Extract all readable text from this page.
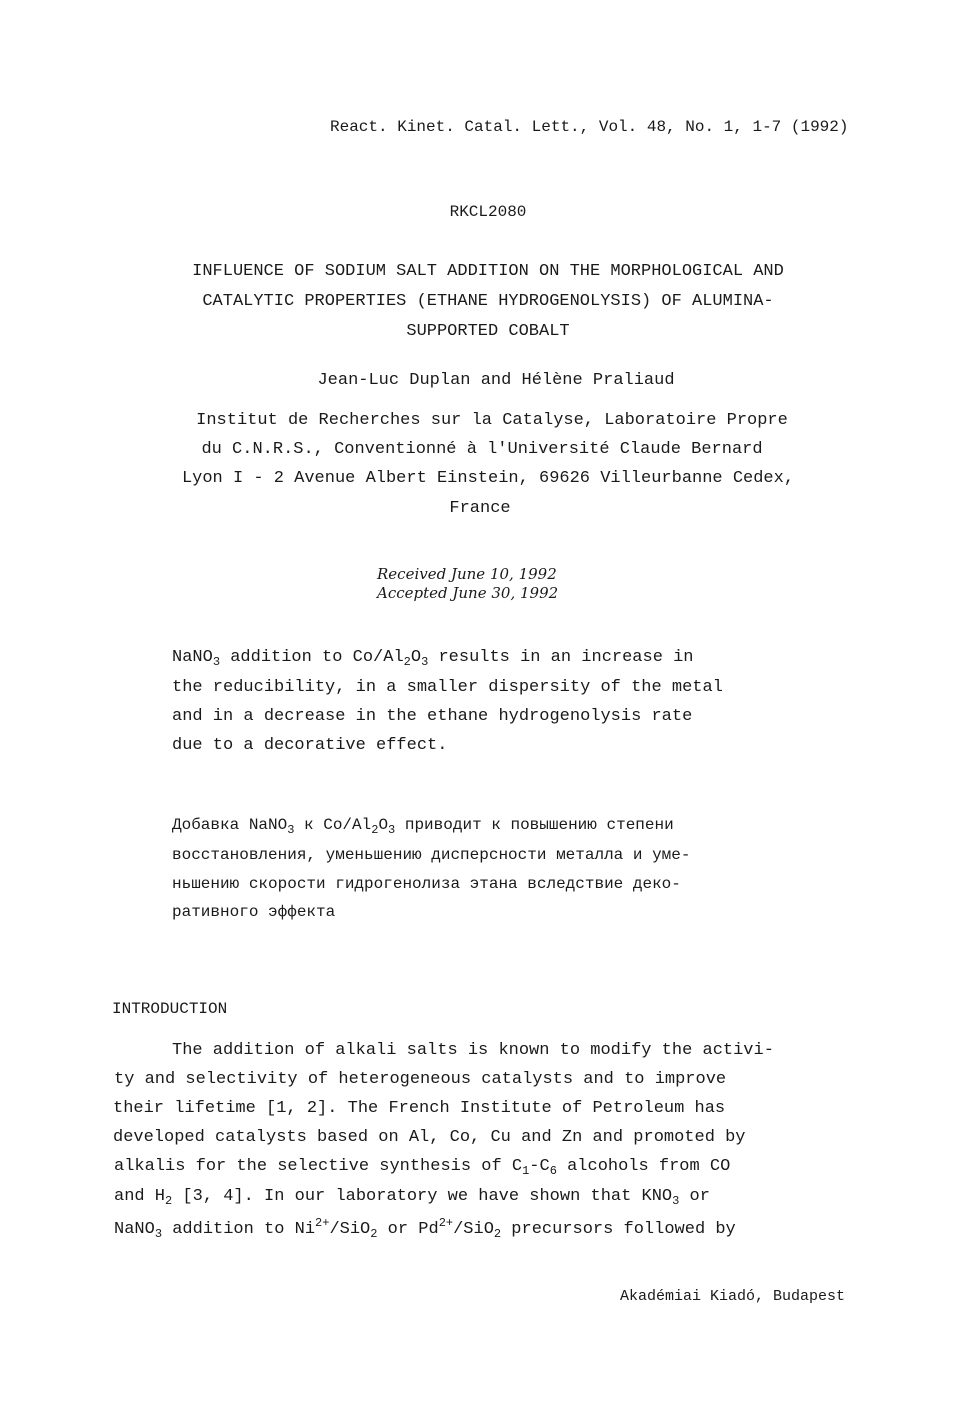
React. Kinet. Catal. Lett., Vol. 48, No. 1, 1-7 (1992)
RKCL2080
INFLUENCE OF SODIUM SALT ADDITION ON THE MORPHOLOGICAL AND
CATALYTIC PROPERTIES (ETHANE HYDROGENOLYSIS) OF ALUMINA-
SUPPORTED COBALT
Jean-Luc Duplan and Hélène Praliaud
Institut de Recherches sur la Catalyse, Laboratoire Propre
du C.N.R.S., Conventionné à l'Université Claude Bernard
Lyon I - 2 Avenue Albert Einstein, 69626 Villeurbanne Cedex,
France
Received June 10, 1992
Accepted June 30, 1992
NaNO$_3$ addition to $Co/Al_2O_3$ results in an increase in
the reducibility, in a smaller dispersity of the metal
and in a decrease in the ethane hydrogenolysis rate
due to a decorative effect.
Добавка NaNO$_3$ к $Co/Al_2O_3$ приводит к повышению степени
восстановления, уменьшению дисперсности металла и уме-
ньшению скорости гидрогенолиза этана вследствие деко-
ративного эффекта
INTRODUCTION
The addition of alkali salts is known to modify the activi-
ty and selectivity of heterogeneous catalysts and to improve
their lifetime [1, 2]. The French Institute of Petroleum has
developed catalysts based on Al, Co, Cu and Zn and promoted by
alkalis for the selective synthesis of $C_1-C_6$ alcohols from CO
and $H_2$ [3, 4]. In our laboratory we have shown that $KNO_3$ or
NaNO$_3$ addition to $Ni^{2+}/SiO_2$ or $Pd^{2+}/SiO_2$ precursors followed by
Akadémiai Kiadó, Budapest
